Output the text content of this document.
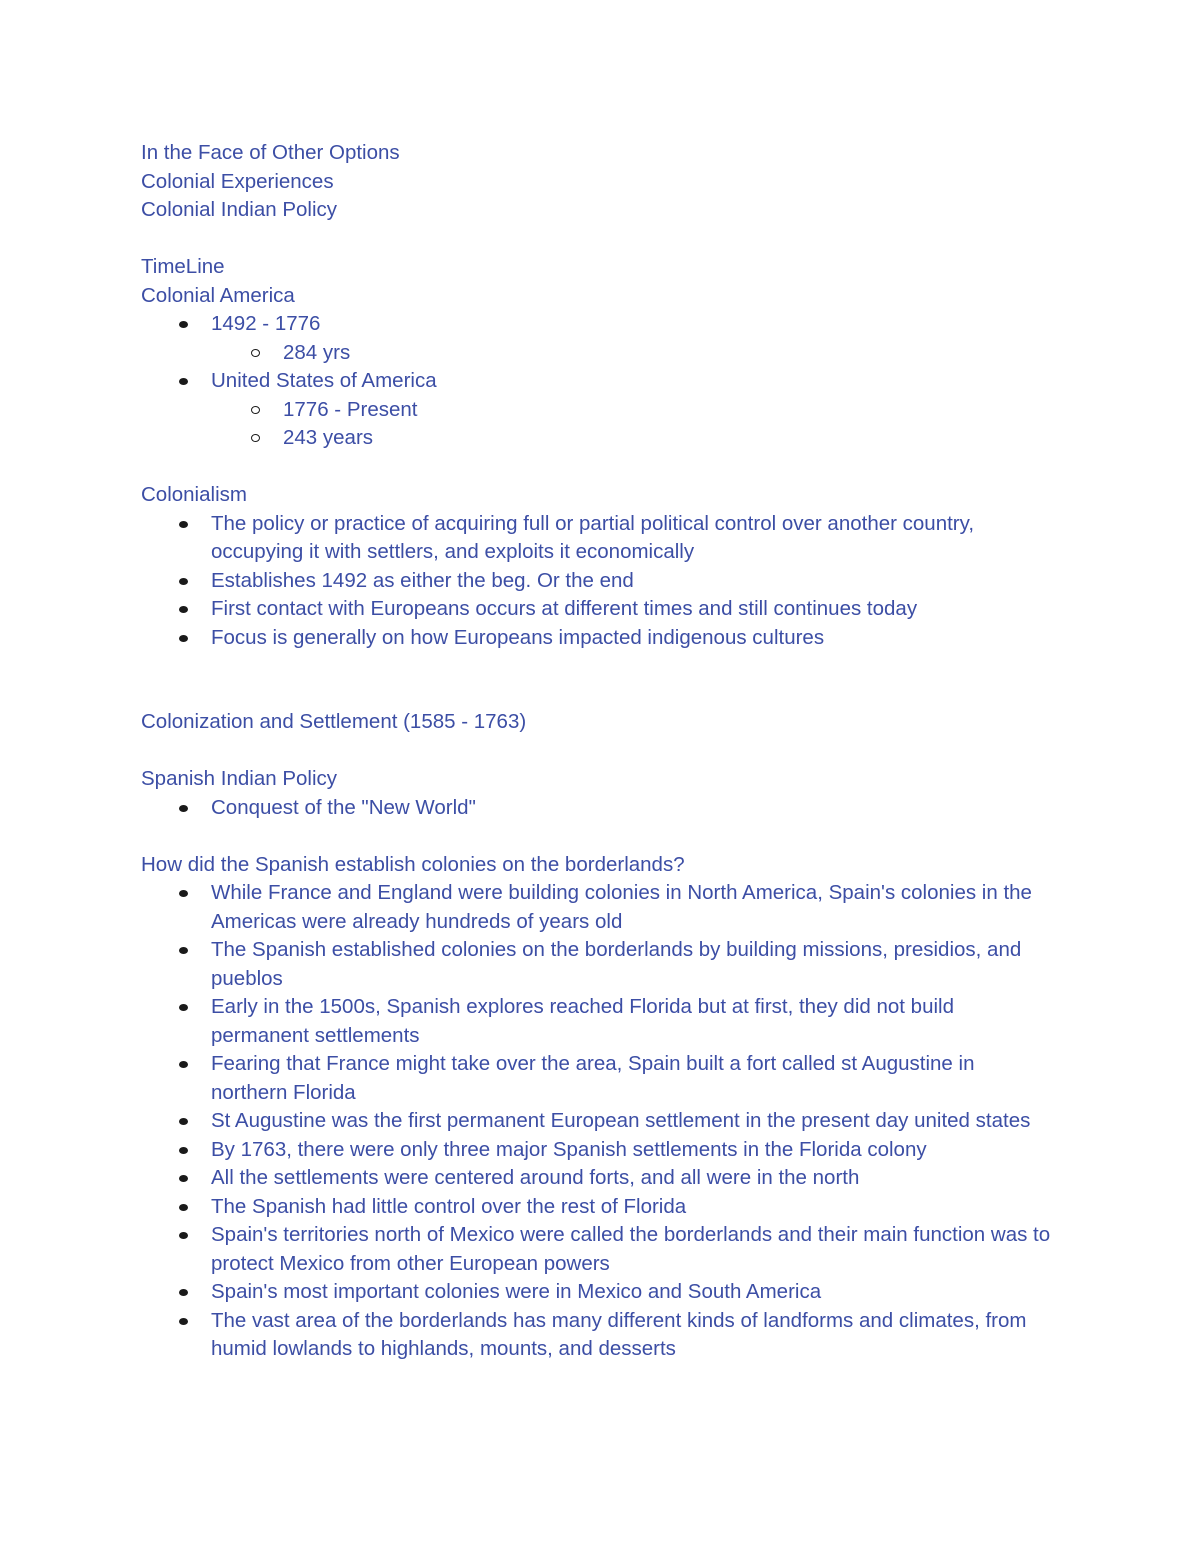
In the Face of Other Options

Colonial Experiences

Colonial Indian Policy

TimeLine

Colonial America

1492 - 1776
284 yrs
United States of America
1776 - Present
243 years

Colonialism

The policy or practice of acquiring full or partial political control over another country, occupying it with settlers, and exploits it economically
Establishes 1492 as either the beg. Or the end
First contact with Europeans occurs at different times and still continues today
Focus is generally on how Europeans impacted indigenous cultures

Colonization and Settlement (1585 - 1763)

Spanish Indian Policy

Conquest of the "New World"

How did the Spanish establish colonies on the borderlands?

While France and England were building colonies in North America, Spain's colonies in the Americas were already hundreds of years old
The Spanish established colonies on the borderlands by building missions, presidios, and pueblos
Early in the 1500s, Spanish explores reached Florida but at first, they did not build permanent settlements
Fearing that France might take over the area, Spain built a fort called st Augustine in northern Florida
St Augustine was the first permanent European settlement in the present day united states
By 1763, there were only three major Spanish settlements in the Florida colony
All the settlements were centered around forts, and all were in the north
The Spanish had little control over the rest of Florida
Spain's territories north of Mexico were called the borderlands and their main function was to protect Mexico from other European powers
Spain's most important colonies were in Mexico and South America
The vast area of the borderlands has many different kinds of landforms and climates, from humid lowlands to highlands, mounts, and desserts
